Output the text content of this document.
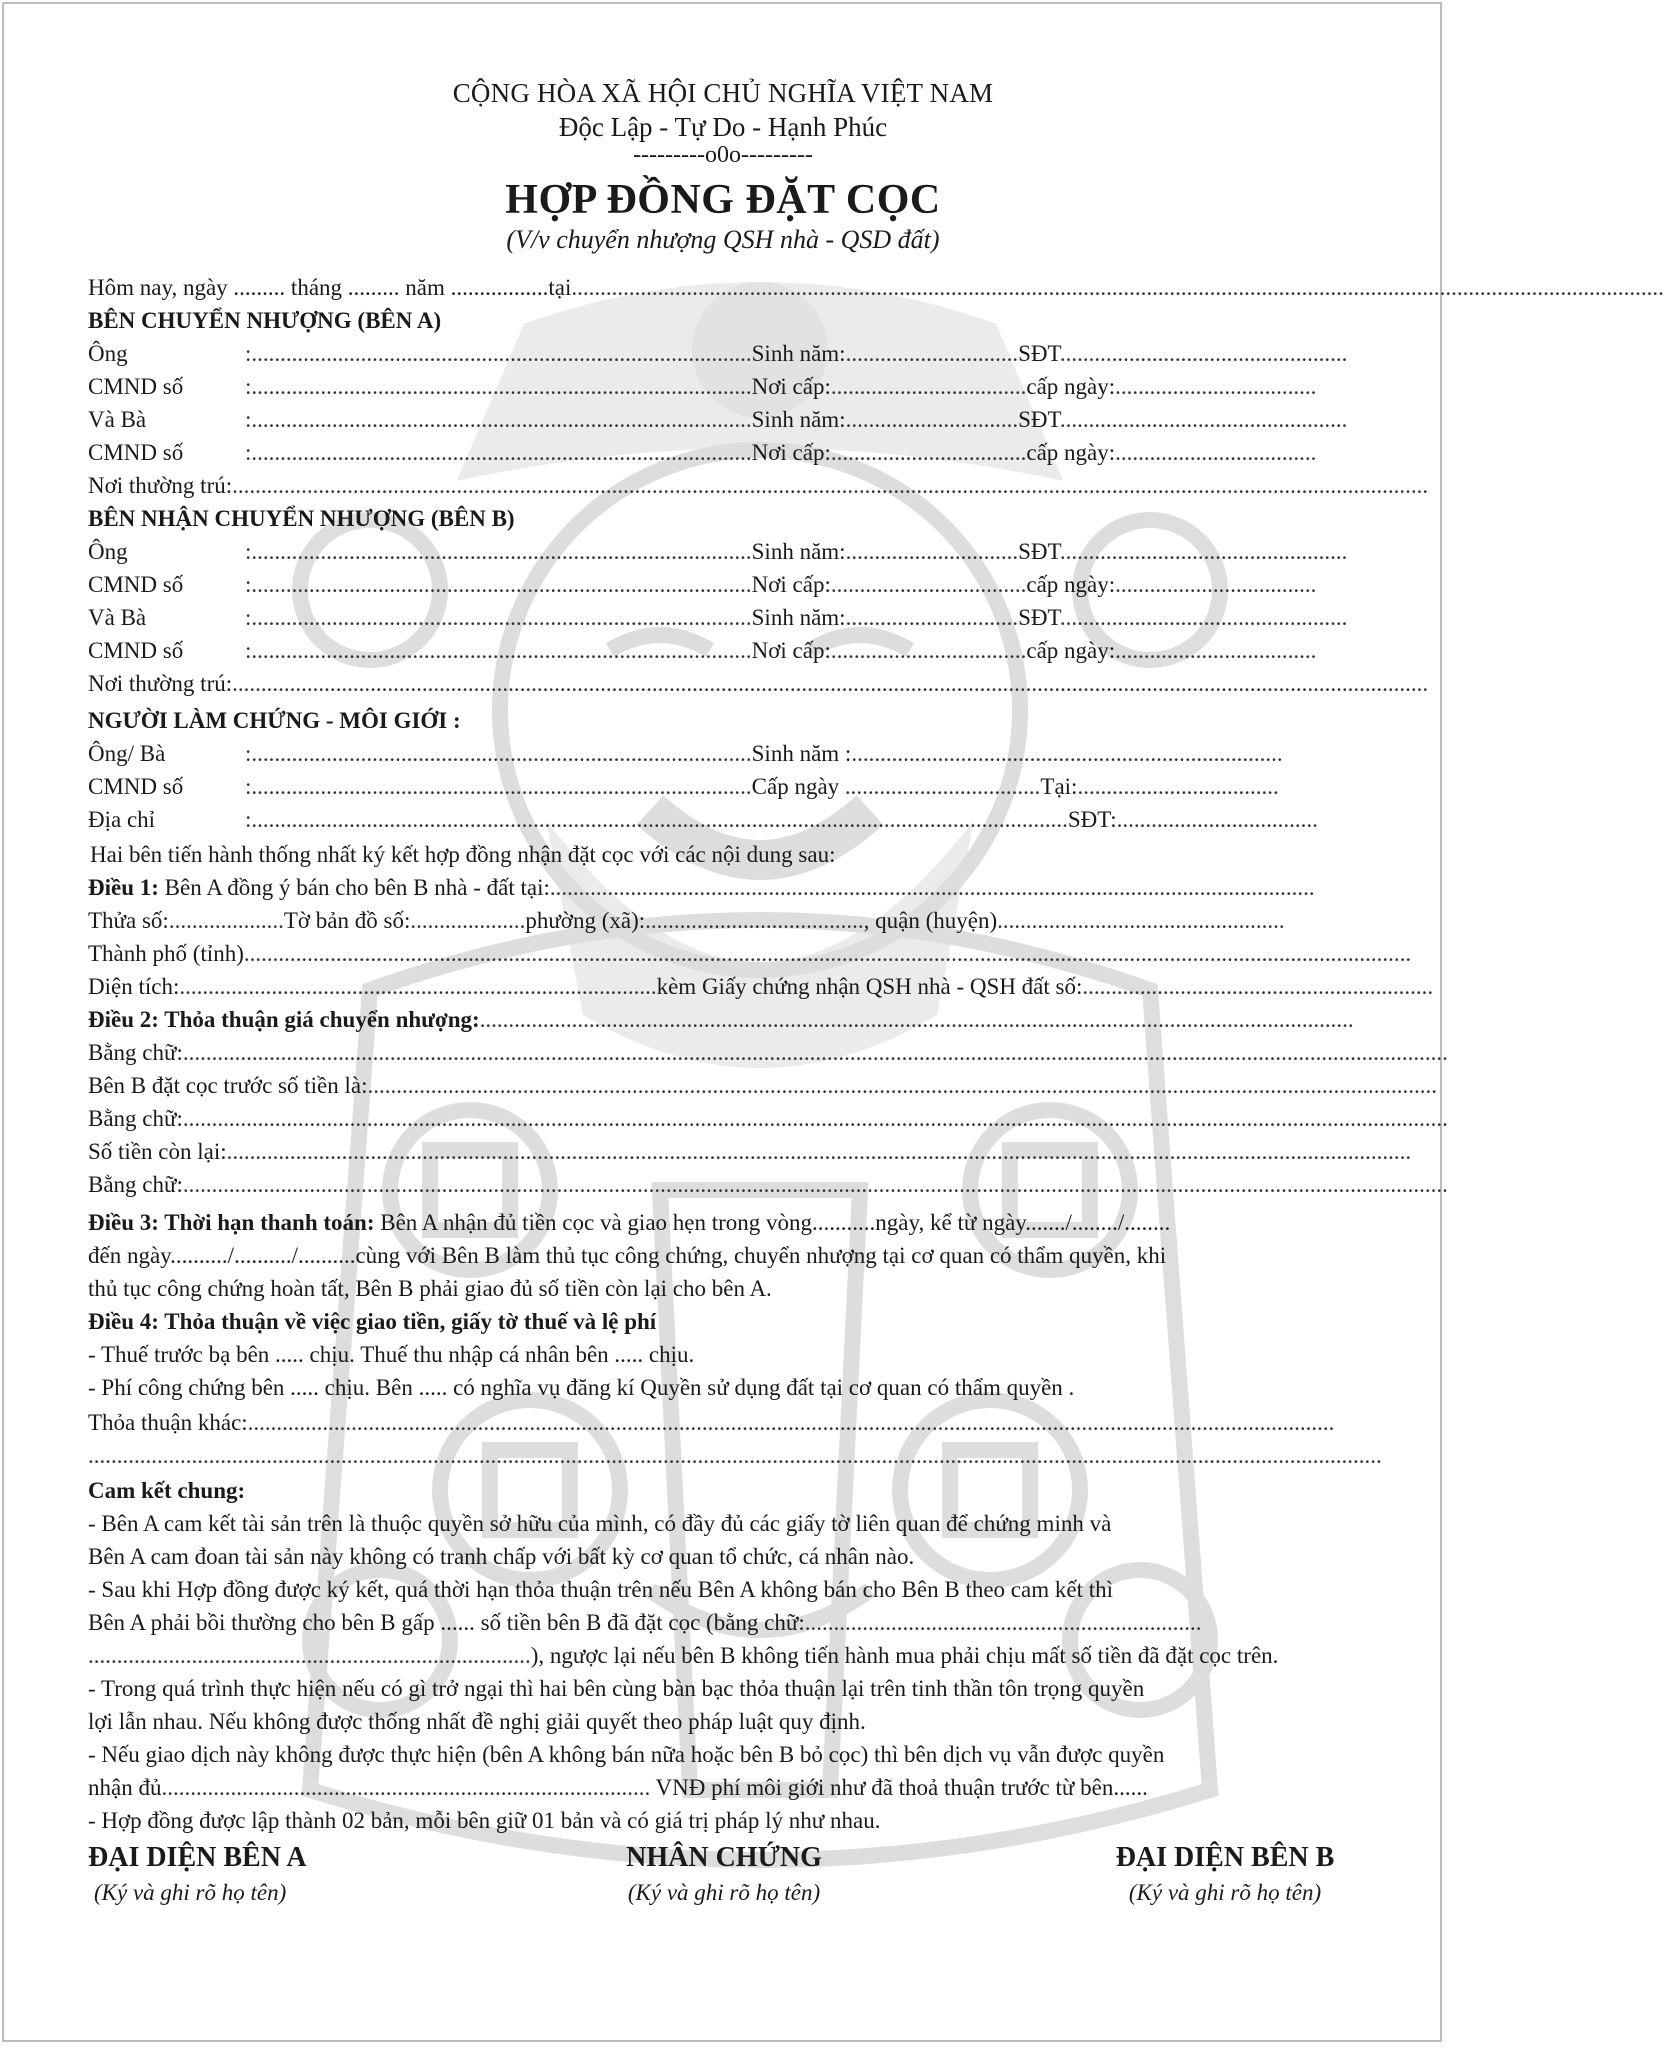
CỘNG HÒA XÃ HỘI CHỦ NGHĨA VIỆT NAM
Độc Lập - Tự Do - Hạnh Phúc
---------o0o---------
HỢP ĐỒNG ĐẶT CỌC
(V/v chuyển nhượng QSH nhà - QSD đất)
Hôm nay, ngày ......... tháng ......... năm .................tại..............................................................................................................................................................................................
BÊN CHUYỂN NHƯỢNG (BÊN A)
Ông	:.......................................................................................Sinh năm:..............................SĐT..................................................
CMND số	:.......................................................................................Nơi cấp:..................................cấp ngày:...................................
Và Bà	:.......................................................................................Sinh năm:..............................SĐT..................................................
CMND số	:.......................................................................................Nơi cấp:..................................cấp ngày:...................................
Nơi thường trú:................................................................................................................................................................................................................
BÊN NHẬN CHUYỂN NHƯỢNG (BÊN B)
Ông	:.......................................................................................Sinh năm:..............................SĐT..................................................
CMND số	:.......................................................................................Nơi cấp:..................................cấp ngày:...................................
Và Bà	:.......................................................................................Sinh năm:..............................SĐT..................................................
CMND số	:.......................................................................................Nơi cấp:..................................cấp ngày:...................................
Nơi thường trú:................................................................................................................................................................................................................
NGƯỜI LÀM CHỨNG - MÔI GIỚI :
Ông/ Bà	:.......................................................................................Sinh năm :...........................................................................
CMND số	:.......................................................................................Cấp ngày ..................................Tại:...................................
Địa chỉ	:..............................................................................................................................................SĐT:...................................
Hai bên tiến hành thống nhất ký kết hợp đồng nhận đặt cọc với các nội dung sau:
Điều 1: Bên A đồng ý bán cho bên B nhà - đất tại:.....................................................................................................................................
Thửa số:....................Tờ bản đồ số:....................phường (xã):......................................, quận (huyện)..................................................
Thành phố (tỉnh)...........................................................................................................................................................................................................
Diện tích:...................................................................................kèm Giấy chứng nhận QSH nhà - QSH đất số:.............................................................
Điều 2: Thỏa thuận giá chuyển nhượng:........................................................................................................................................................
Bằng chữ:............................................................................................................................................................................................................................
Bên B đặt cọc trước số tiền là:..........................................................................................................................................................................................
Bằng chữ:............................................................................................................................................................................................................................
Số tiền còn lại:..............................................................................................................................................................................................................
Bằng chữ:............................................................................................................................................................................................................................
Điều 3: Thời hạn thanh toán: Bên A nhận đủ tiền cọc và giao hẹn trong vòng...........ngày, kể từ ngày......./......../........
đến ngày........../........../..........cùng với Bên B làm thủ tục công chứng, chuyển nhượng tại cơ quan có thẩm quyền, khi
thủ tục công chứng hoàn tất, Bên B phải giao đủ số tiền còn lại cho bên A.
Điều 4: Thỏa thuận về việc giao tiền, giấy tờ thuế và lệ phí
- Thuế trước bạ bên ..... chịu. Thuế thu nhập cá nhân bên ..... chịu.
- Phí công chứng bên ..... chịu. Bên ..... có nghĩa vụ đăng kí Quyền sử dụng đất tại cơ quan có thẩm quyền .
Thỏa thuận khác:.............................................................................................................................................................................................
.................................................................................................................................................................................................................................
Cam kết chung:
- Bên A cam kết tài sản trên là thuộc quyền sở hữu của mình, có đầy đủ các giấy tờ liên quan để chứng minh và
Bên A cam đoan tài sản này không có tranh chấp với bất kỳ cơ quan tổ chức, cá nhân nào.
- Sau khi Hợp đồng được ký kết, quá thời hạn thỏa thuận trên nếu Bên A không bán cho Bên B theo cam kết thì
Bên A phải bồi thường cho bên B gấp ...... số tiền bên B đã đặt cọc (bằng chữ:.....................................................................
.............................................................................), ngược lại nếu bên B không tiến hành mua phải chịu mất số tiền đã đặt cọc trên.
- Trong quá trình thực hiện nếu có gì trở ngại thì hai bên cùng bàn bạc thỏa thuận lại trên tinh thần tôn trọng quyền
lợi lẫn nhau. Nếu không được thống nhất đề nghị giải quyết theo pháp luật quy định.
- Nếu giao dịch này không được thực hiện (bên A không bán nữa hoặc bên B bỏ cọc) thì bên dịch vụ vẫn được quyền
nhận đủ..................................................................................... VNĐ phí môi giới như đã thoả thuận trước từ bên......
- Hợp đồng được lập thành 02 bản, mỗi bên giữ 01 bản và có giá trị pháp lý như nhau.
ĐẠI DIỆN BÊN A
(Ký và ghi rõ họ tên)
NHÂN CHỨNG
(Ký và ghi rõ họ tên)
ĐẠI DIỆN BÊN B
(Ký và ghi rõ họ tên)
